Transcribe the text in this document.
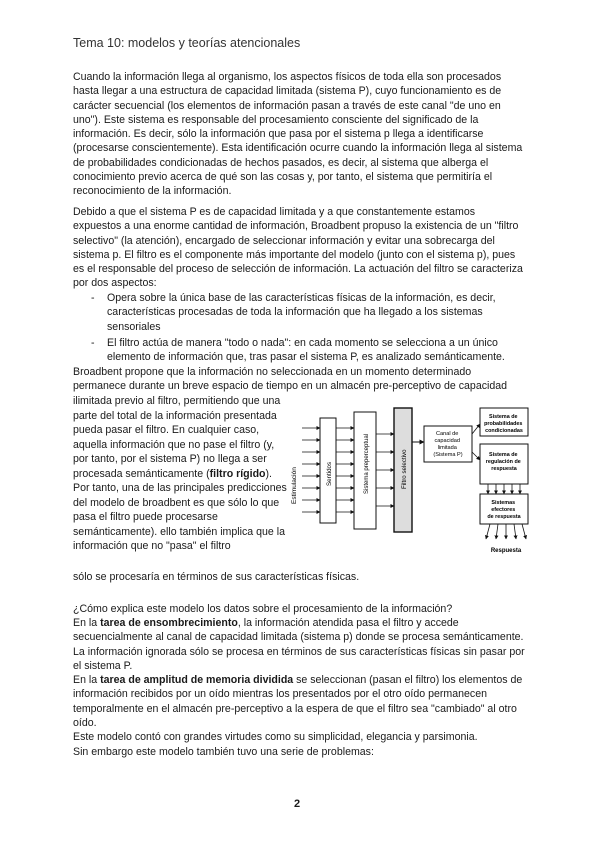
Tema 10: modelos y teorías atencionales

Cuando la información llega al organismo, los aspectos físicos de toda ella son procesados hasta llegar a una estructura de capacidad limitada (sistema P), cuyo funcionamiento es de carácter secuencial (los elementos de información pasan a través de este canal "de uno en uno"). Este sistema es responsable del procesamiento consciente del significado de la información. Es decir, sólo la información que pasa por el sistema p llega a identificarse (procesarse conscientemente). Esta identificación ocurre cuando la información llega al sistema de probabilidades condicionadas de hechos pasados, es decir, al sistema que alberga el conocimiento previo acerca de qué son las cosas y, por tanto, el sistema que permitiría el reconocimiento de la información.

Debido a que el sistema P es de capacidad limitada y a que constantemente estamos expuestos a una enorme cantidad de información, Broadbent propuso la existencia de un "filtro selectivo" (la atención), encargado de seleccionar información y evitar una sobrecarga del sistema p. El filtro es el componente más importante del modelo (junto con el sistema p), pues es el responsable del proceso de selección de información. La actuación del filtro se caracteriza por dos aspectos:

- Opera sobre la única base de las características físicas de la información, es decir, características procesadas de toda la información que ha llegado a los sistemas sensoriales

- El filtro actúa de manera "todo o nada": en cada momento se selecciona a un único elemento de información que, tras pasar el sistema P, es analizado semánticamente.

Broadbent propone que la información no seleccionada en un momento determinado permanece durante un breve espacio de tiempo en un almacén pre-perceptivo de capacidad

ilimitada previo al filtro, permitiendo que una parte del total de la información presentada pueda pasar el filtro. En cualquier caso, aquella información que no pase el filtro (y, por tanto, por el sistema P) no llega a ser procesada semánticamente (filtro rígido). Por tanto, una de las principales predicciones del modelo de broadbent es que sólo lo que pasa el filtro puede procesarse semánticamente). ello también implica que la información que no "pasa" el filtro

sólo se procesaría en términos de sus características físicas.

¿Cómo explica este modelo los datos sobre el procesamiento de la información?

En la tarea de ensombrecimiento, la información atendida pasa el filtro y accede secuencialmente al canal de capacidad limitada (sistema p) donde se procesa semánticamente. La información ignorada sólo se procesa en términos de sus características físicas sin pasar por el sistema P.

En la tarea de amplitud de memoria dividida se seleccionan (pasan el filtro) los elementos de información recibidos por un oído mientras los presentados por el otro oído permanecen temporalmente en el almacén pre-perceptivo a la espera de que el filtro sea "cambiado" al otro oído.

Este modelo contó con grandes virtudes como su simplicidad, elegancia y parsimonia.

Sin embargo este modelo también tuvo una serie de problemas:

Estimulación	Sentidos	Sistema preperceptual	Filtro selectivo
Canal de capacidad limitada (Sistema P)
Sistema de probabilidades condicionadas
Sistema de regulación de respuesta
Sistemas efectores de respuesta
Respuesta
2
